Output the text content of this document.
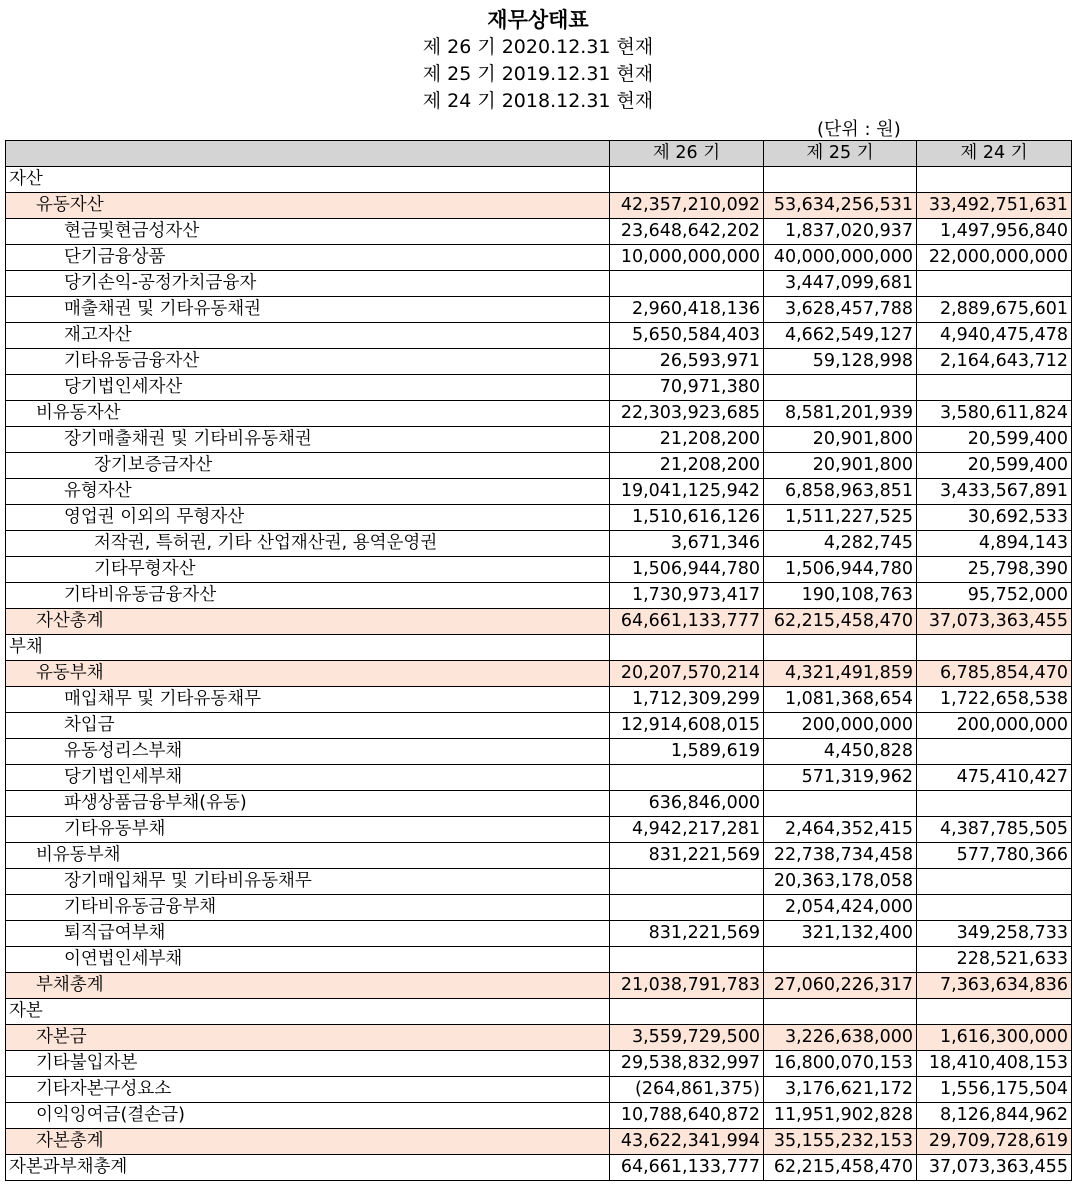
재무상태표
제 26 기 2020.12.31 현재
제 25 기 2019.12.31 현재
제 24 기 2018.12.31 현재
(단위 : 원)
	제 26 기	제 25 기	제 24 기
자산			
유동자산	42,357,210,092	53,634,256,531	33,492,751,631
현금및현금성자산	23,648,642,202	1,837,020,937	1,497,956,840
단기금융상품	10,000,000,000	40,000,000,000	22,000,000,000
당기손익-공정가치금융자		3,447,099,681	
매출채권 및 기타유동채권	2,960,418,136	3,628,457,788	2,889,675,601
재고자산	5,650,584,403	4,662,549,127	4,940,475,478
기타유동금융자산	26,593,971	59,128,998	2,164,643,712
당기법인세자산	70,971,380		
비유동자산	22,303,923,685	8,581,201,939	3,580,611,824
장기매출채권 및 기타비유동채권	21,208,200	20,901,800	20,599,400
장기보증금자산	21,208,200	20,901,800	20,599,400
유형자산	19,041,125,942	6,858,963,851	3,433,567,891
영업권 이외의 무형자산	1,510,616,126	1,511,227,525	30,692,533
저작권, 특허권, 기타 산업재산권, 용역운영권	3,671,346	4,282,745	4,894,143
기타무형자산	1,506,944,780	1,506,944,780	25,798,390
기타비유동금융자산	1,730,973,417	190,108,763	95,752,000
자산총계	64,661,133,777	62,215,458,470	37,073,363,455
부채			
유동부채	20,207,570,214	4,321,491,859	6,785,854,470
매입채무 및 기타유동채무	1,712,309,299	1,081,368,654	1,722,658,538
차입금	12,914,608,015	200,000,000	200,000,000
유동성리스부채	1,589,619	4,450,828	
당기법인세부채		571,319,962	475,410,427
파생상품금융부채(유동)	636,846,000		
기타유동부채	4,942,217,281	2,464,352,415	4,387,785,505
비유동부채	831,221,569	22,738,734,458	577,780,366
장기매입채무 및 기타비유동채무		20,363,178,058	
기타비유동금융부채		2,054,424,000	
퇴직급여부채	831,221,569	321,132,400	349,258,733
이연법인세부채			228,521,633
부채총계	21,038,791,783	27,060,226,317	7,363,634,836
자본			
자본금	3,559,729,500	3,226,638,000	1,616,300,000
기타불입자본	29,538,832,997	16,800,070,153	18,410,408,153
기타자본구성요소	(264,861,375)	3,176,621,172	1,556,175,504
이익잉여금(결손금)	10,788,640,872	11,951,902,828	8,126,844,962
자본총계	43,622,341,994	35,155,232,153	29,709,728,619
자본과부채총계	64,661,133,777	62,215,458,470	37,073,363,455
